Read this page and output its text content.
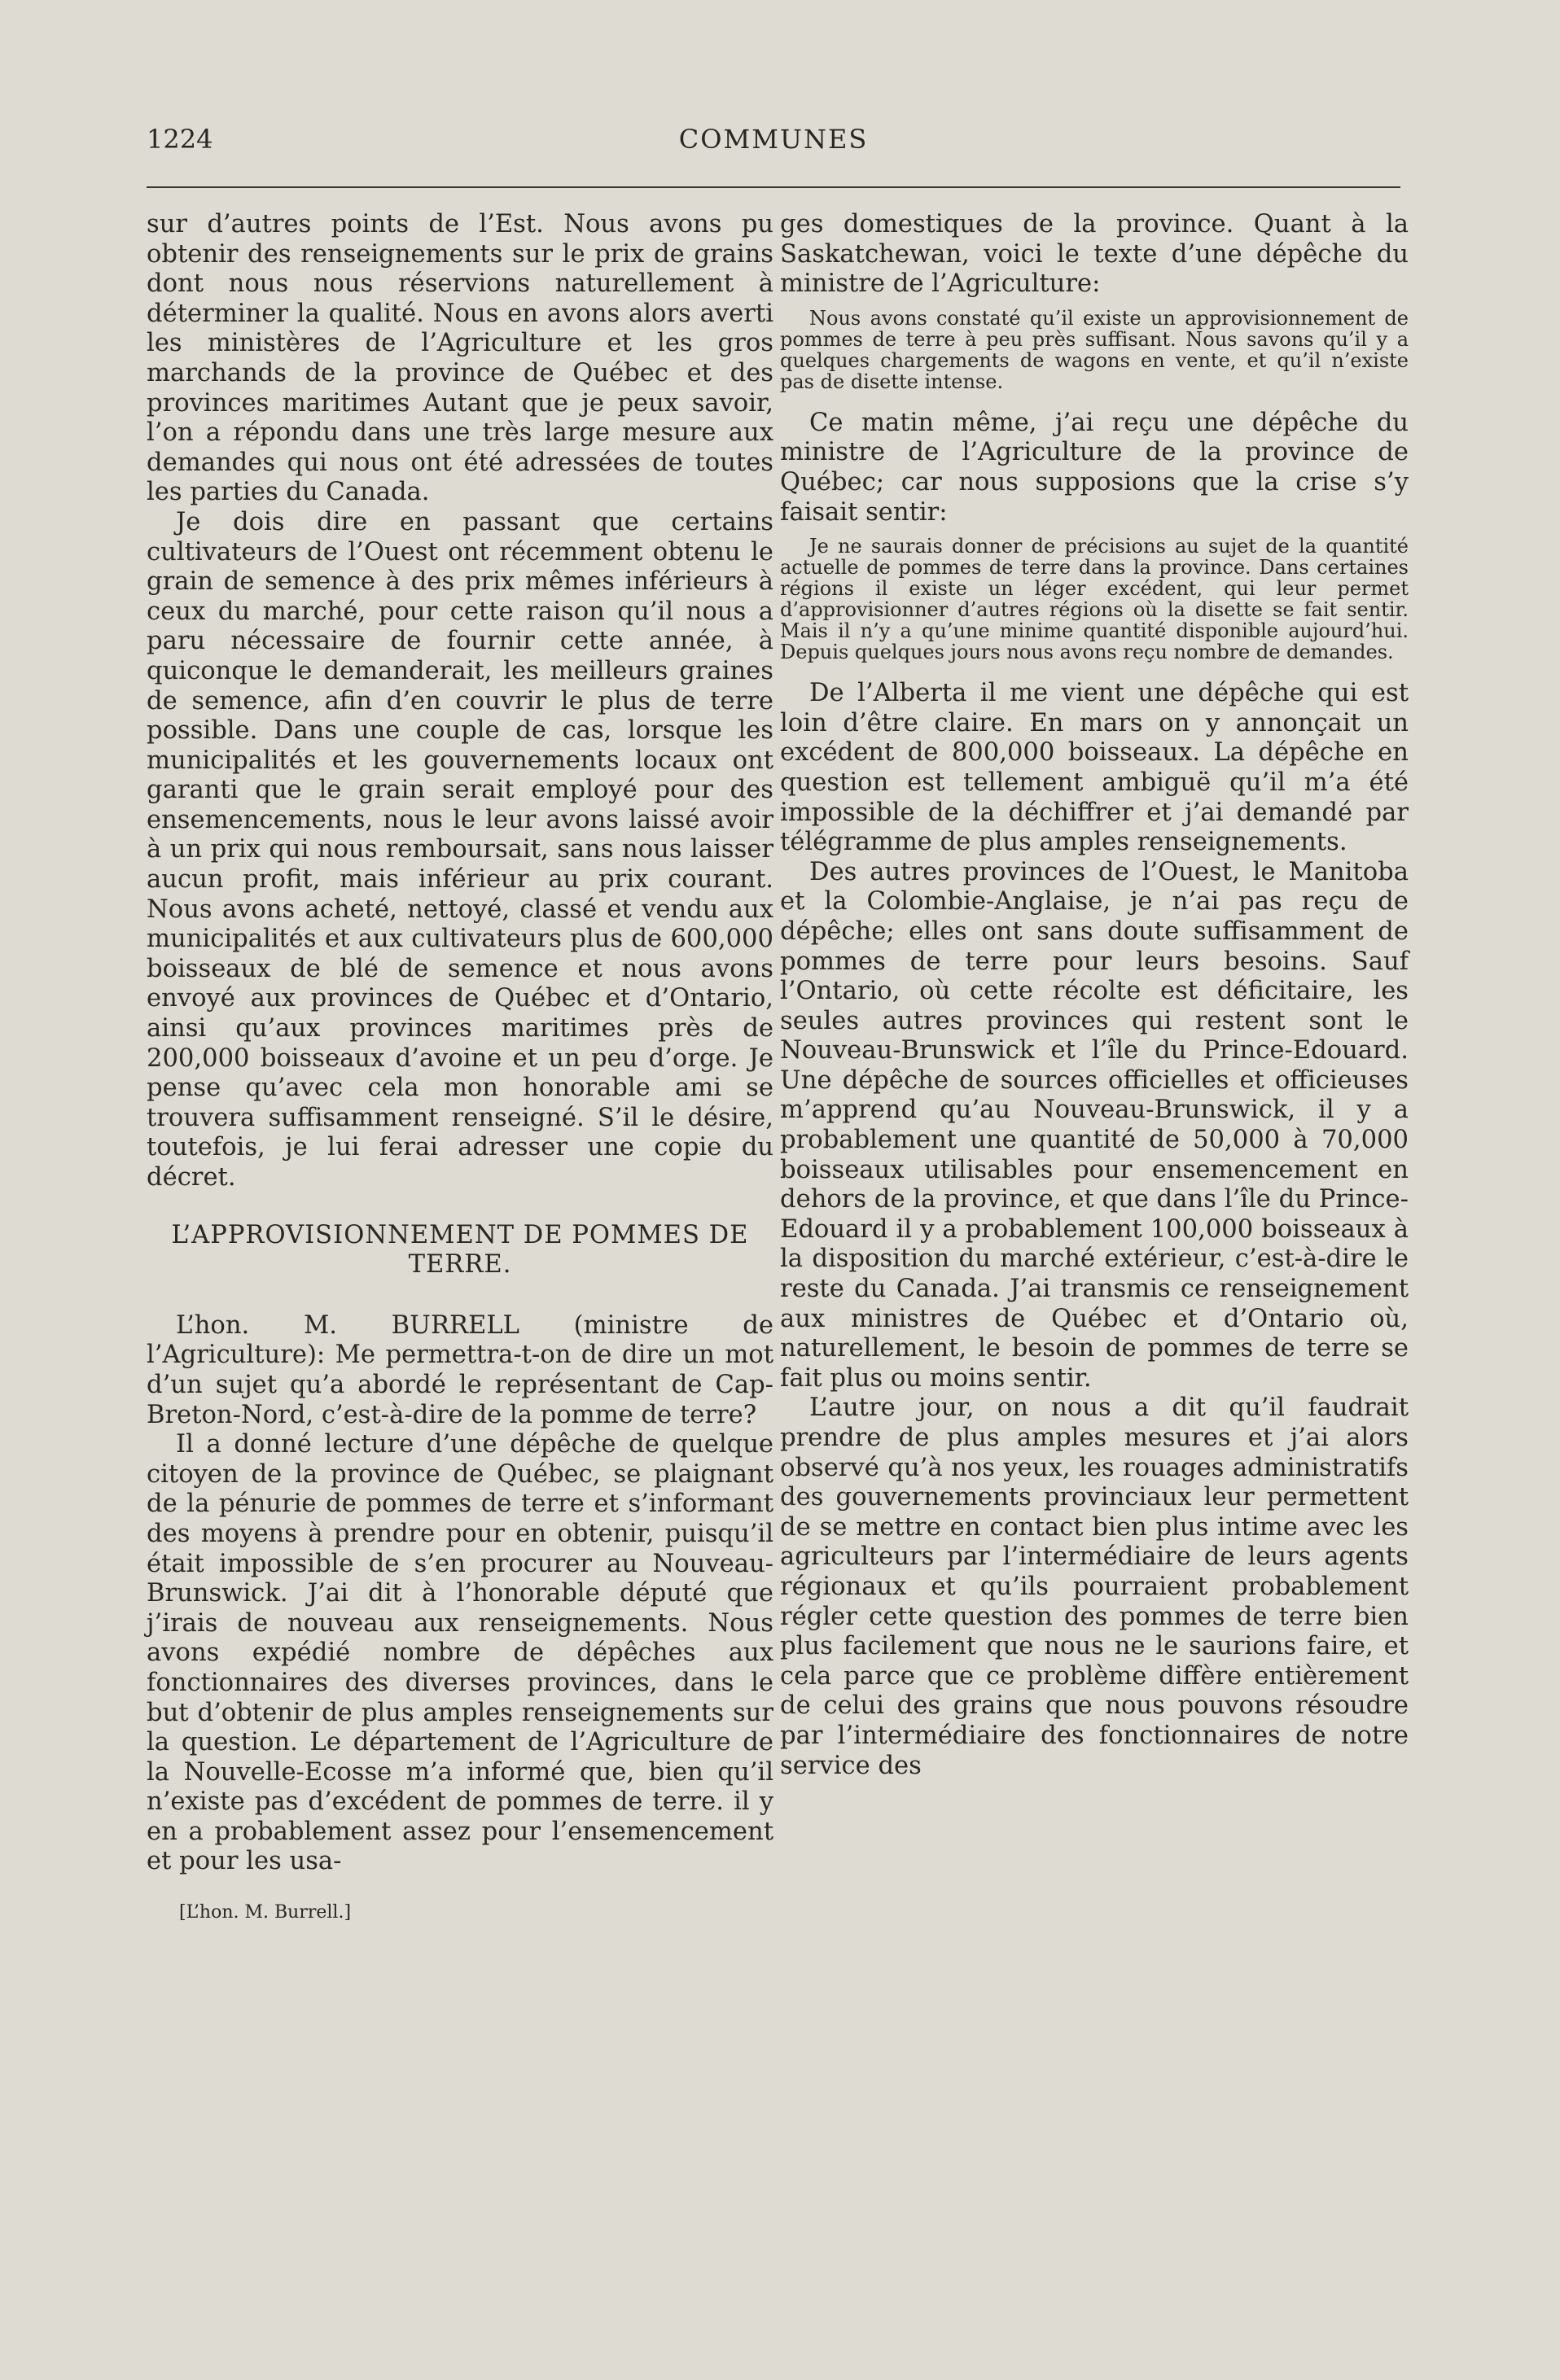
1224	COMMUNES

sur d’autres points de l’Est. Nous avons pu obtenir des renseignements sur le prix de grains dont nous nous réservions naturellement à déterminer la qualité. Nous en avons alors averti les ministères de l’Agriculture et les gros marchands de la province de Québec et des provinces maritimes Autant que je peux savoir, l’on a répondu dans une très large mesure aux demandes qui nous ont été adressées de toutes les parties du Canada.

Je dois dire en passant que certains cultivateurs de l’Ouest ont récemment obtenu le grain de semence à des prix mêmes inférieurs à ceux du marché, pour cette raison qu’il nous a paru nécessaire de fournir cette année, à quiconque le demanderait, les meilleurs graines de semence, afin d’en couvrir le plus de terre possible. Dans une couple de cas, lorsque les municipalités et les gouvernements locaux ont garanti que le grain serait employé pour des ensemencements, nous le leur avons laissé avoir à un prix qui nous remboursait, sans nous laisser aucun profit, mais inférieur au prix courant. Nous avons acheté, nettoyé, classé et vendu aux municipalités et aux cultivateurs plus de 600,000 boisseaux de blé de semence et nous avons envoyé aux provinces de Québec et d’Ontario, ainsi qu’aux provinces maritimes près de 200,000 boisseaux d’avoine et un peu d’orge. Je pense qu’avec cela mon honorable ami se trouvera suffisamment renseigné. S’il le désire, toutefois, je lui ferai adresser une copie du décret.

L’APPROVISIONNEMENT DE POMMES DE TERRE.

L’hon. M. BURRELL (ministre de l’Agriculture): Me permettra-t-on de dire un mot d’un sujet qu’a abordé le représentant de Cap-Breton-Nord, c’est-à-dire de la pomme de terre?

Il a donné lecture d’une dépêche de quelque citoyen de la province de Québec, se plaignant de la pénurie de pommes de terre et s’informant des moyens à prendre pour en obtenir, puisqu’il était impossible de s’en procurer au Nouveau-Brunswick. J’ai dit à l’honorable député que j’irais de nouveau aux renseignements. Nous avons expédié nombre de dépêches aux fonctionnaires des diverses provinces, dans le but d’obtenir de plus amples renseignements sur la question. Le département de l’Agriculture de la Nouvelle-Ecosse m’a informé que, bien qu’il n’existe pas d’excédent de pommes de terre. il y en a probablement assez pour l’ensemencement et pour les usa-

[L’hon. M. Burrell.]

ges domestiques de la province. Quant à la Saskatchewan, voici le texte d’une dépêche du ministre de l’Agriculture:

Nous avons constaté qu’il existe un approvisionnement de pommes de terre à peu près suffisant. Nous savons qu’il y a quelques chargements de wagons en vente, et qu’il n’existe pas de disette intense.

Ce matin même, j’ai reçu une dépêche du ministre de l’Agriculture de la province de Québec; car nous supposions que la crise s’y faisait sentir:

Je ne saurais donner de précisions au sujet de la quantité actuelle de pommes de terre dans la province. Dans certaines régions il existe un léger excédent, qui leur permet d’approvisionner d’autres régions où la disette se fait sentir. Mais il n’y a qu’une minime quantité disponible aujourd’hui. Depuis quelques jours nous avons reçu nombre de demandes.

De l’Alberta il me vient une dépêche qui est loin d’être claire. En mars on y annonçait un excédent de 800,000 boisseaux. La dépêche en question est tellement ambiguë qu’il m’a été impossible de la déchiffrer et j’ai demandé par télégramme de plus amples renseignements.

Des autres provinces de l’Ouest, le Manitoba et la Colombie-Anglaise, je n’ai pas reçu de dépêche; elles ont sans doute suffisamment de pommes de terre pour leurs besoins. Sauf l’Ontario, où cette récolte est déficitaire, les seules autres provinces qui restent sont le Nouveau-Brunswick et l’île du Prince-Edouard. Une dépêche de sources officielles et officieuses m’apprend qu’au Nouveau-Brunswick, il y a probablement une quantité de 50,000 à 70,000 boisseaux utilisables pour ensemencement en dehors de la province, et que dans l’île du Prince-Edouard il y a probablement 100,000 boisseaux à la disposition du marché extérieur, c’est-à-dire le reste du Canada. J’ai transmis ce renseignement aux ministres de Québec et d’Ontario où, naturellement, le besoin de pommes de terre se fait plus ou moins sentir.

L’autre jour, on nous a dit qu’il faudrait prendre de plus amples mesures et j’ai alors observé qu’à nos yeux, les rouages administratifs des gouvernements provinciaux leur permettent de se mettre en contact bien plus intime avec les agriculteurs par l’intermédiaire de leurs agents régionaux et qu’ils pourraient probablement régler cette question des pommes de terre bien plus facilement que nous ne le saurions faire, et cela parce que ce problème diffère entièrement de celui des grains que nous pouvons résoudre par l’intermédiaire des fonctionnaires de notre service des
